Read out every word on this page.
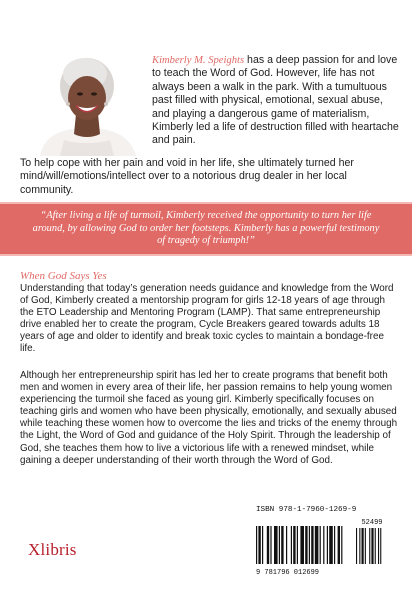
Kimberly M. Speights has a deep passion for and love to teach the Word of God. However, life has not always been a walk in the park. With a tumultuous past filled with physical, emotional, sexual abuse, and playing a dangerous game of materialism, Kimberly led a life of destruction filled with heartache and pain.
To help cope with her pain and void in her life, she ultimately turned her mind/will/emotions/intellect over to a notorious drug dealer in her local community.
“After living a life of turmoil, Kimberly received the opportunity to turn her life around, by allowing God to order her footsteps. Kimberly has a powerful testimony of tragedy of triumph!”
When God Says Yes
Understanding that today’s generation needs guidance and knowledge from the Word of God, Kimberly created a mentorship program for girls 12-18 years of age through the ETO Leadership and Mentoring Program (LAMP). That same entrepreneurship drive enabled her to create the program, Cycle Breakers geared towards adults 18 years of age and older to identify and break toxic cycles to maintain a bondage-free life.
Although her entrepreneurship spirit has led her to create programs that benefit both men and women in every area of their life, her passion remains to help young women experiencing the turmoil she faced as young girl. Kimberly specifically focuses on teaching girls and women who have been physically, emotionally, and sexually abused while teaching these women how to overcome the lies and tricks of the enemy through the Light, the Word of God and guidance of the Holy Spirit. Through the leadership of God, she teaches them how to live a victorious life with a renewed mindset, while gaining a deeper understanding of their worth through the Word of God.
Xlibris
ISBN 978-1-7960-1269-9
52499
9 781796 012699
